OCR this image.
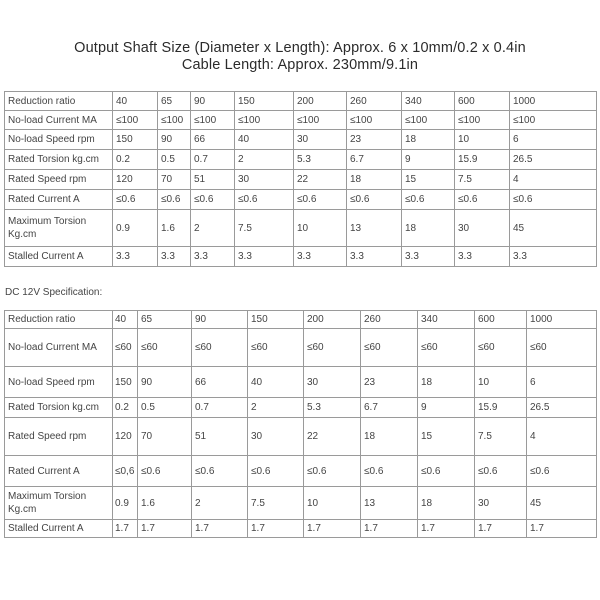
Output Shaft Size (Diameter x Length): Approx. 6 x 10mm/0.2 x 0.4in
Cable Length: Approx. 230mm/9.1in
Reduction ratio	40	65	90	150	200	260	340	600	1000
No-load Current MA	≤100	≤100	≤100	≤100	≤100	≤100	≤100	≤100	≤100
No-load Speed rpm	150	90	66	40	30	23	18	10	6
Rated Torsion kg.cm	0.2	0.5	0.7	2	5.3	6.7	9	15.9	26.5
Rated Speed rpm	120	70	51	30	22	18	15	7.5	4
Rated Current A	≤0.6	≤0.6	≤0.6	≤0.6	≤0.6	≤0.6	≤0.6	≤0.6	≤0.6
Maximum Torsion Kg.cm	0.9	1.6	2	7.5	10	13	18	30	45
Stalled Current A	3.3	3.3	3.3	3.3	3.3	3.3	3.3	3.3	3.3
DC 12V Specification:
Reduction ratio	40	65	90	150	200	260	340	600	1000
No-load Current MA	≤60	≤60	≤60	≤60	≤60	≤60	≤60	≤60	≤60
No-load Speed rpm	150	90	66	40	30	23	18	10	6
Rated Torsion kg.cm	0.2	0.5	0.7	2	5.3	6.7	9	15.9	26.5
Rated Speed rpm	120	70	51	30	22	18	15	7.5	4
Rated Current A	≤0,6	≤0.6	≤0.6	≤0.6	≤0.6	≤0.6	≤0.6	≤0.6	≤0.6
Maximum Torsion Kg.cm	0.9	1.6	2	7.5	10	13	18	30	45
Stalled Current A	1.7	1.7	1.7	1.7	1.7	1.7	1.7	1.7	1.7
